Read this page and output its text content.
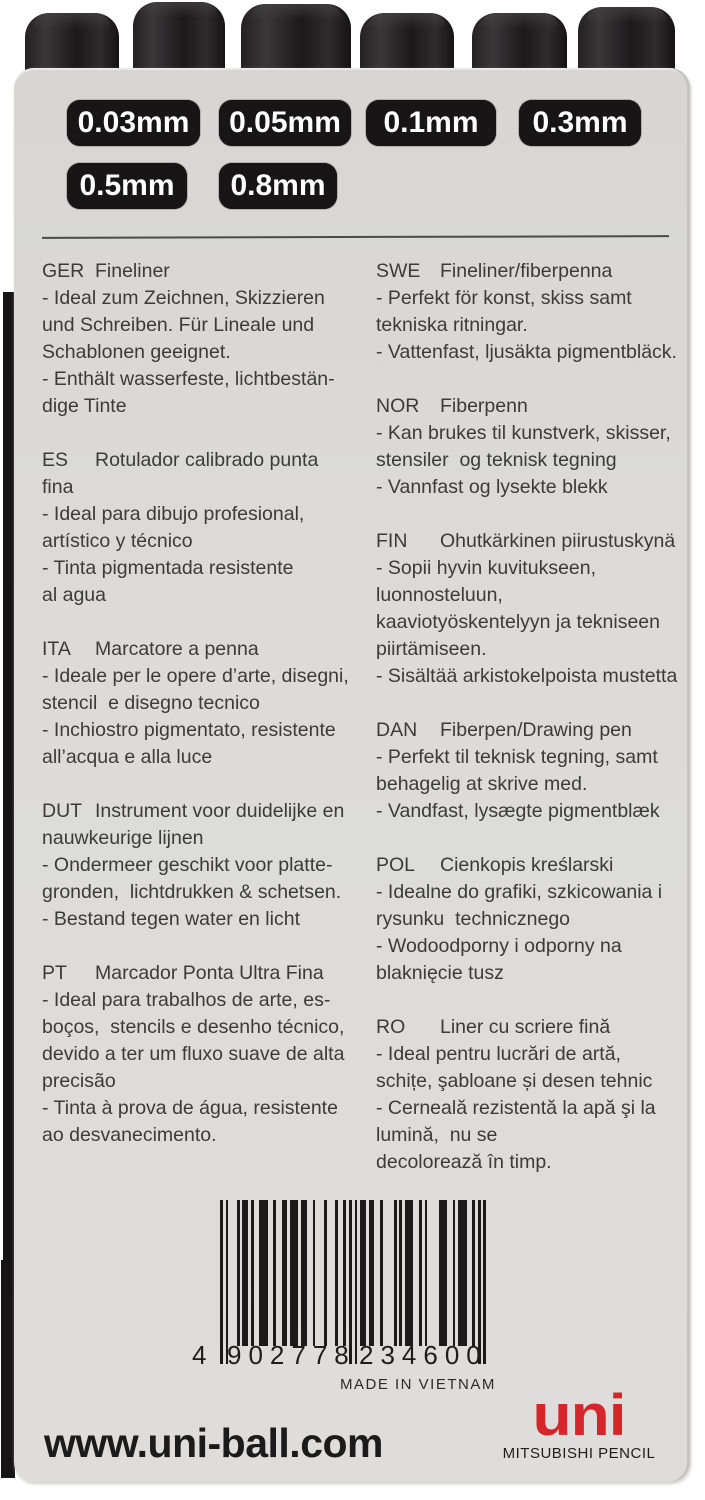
0.03mm	0.05mm	0.1mm	0.3mm
0.5mm	0.8mm
GER Fineliner
- Ideal zum Zeichnen, Skizzieren
und Schreiben. Für Lineale und
Schablonen geeignet.
- Enthält wasserfeste, lichtbestän-
dige Tinte
ES Rotulador calibrado punta
fina
- Ideal para dibujo profesional,
artístico y técnico
- Tinta pigmentada resistente
al agua
ITA Marcatore a penna
- Ideale per le opere d’arte, disegni,
stencil  e disegno tecnico
- Inchiostro pigmentato, resistente
all’acqua e alla luce
DUT Instrument voor duidelijke en
nauwkeurige lijnen
- Ondermeer geschikt voor platte-
gronden,  lichtdrukken & schetsen.
- Bestand tegen water en licht
PT Marcador Ponta Ultra Fina
- Ideal para trabalhos de arte, es-
boços,  stencils e desenho técnico,
devido a ter um fluxo suave de alta
precisão
- Tinta à prova de água, resistente
ao desvanecimento.
SWE Fineliner/fiberpenna
- Perfekt för konst, skiss samt
tekniska ritningar.
- Vattenfast, ljusäkta pigmentbläck.
NOR Fiberpenn
- Kan brukes til kunstverk, skisser,
stensiler  og teknisk tegning
- Vannfast og lysekte blekk
FIN Ohutkärkinen piirustuskynä
- Sopii hyvin kuvitukseen,
luonnosteluun,
kaaviotyöskentelyyn ja tekniseen
piirtämiseen.
- Sisältää arkistokelpoista mustetta
DAN Fiberpen/Drawing pen
- Perfekt til teknisk tegning, samt
behagelig at skrive med.
- Vandfast, lysægte pigmentblæk
POL Cienkopis kreślarski
- Idealne do grafiki, szkicowania i
rysunku  technicznego
- Wodoodporny i odporny na
blaknięcie tusz
RO Liner cu scriere fină
- Ideal pentru lucrări de artă,
schițe, şabloane și desen tehnic
- Cerneală rezistentă la apă şi la
lumină,  nu se
decolorează în timp.
4 902778 234600
MADE IN VIETNAM
www.uni-ball.com	uni
MITSUBISHI PENCIL
